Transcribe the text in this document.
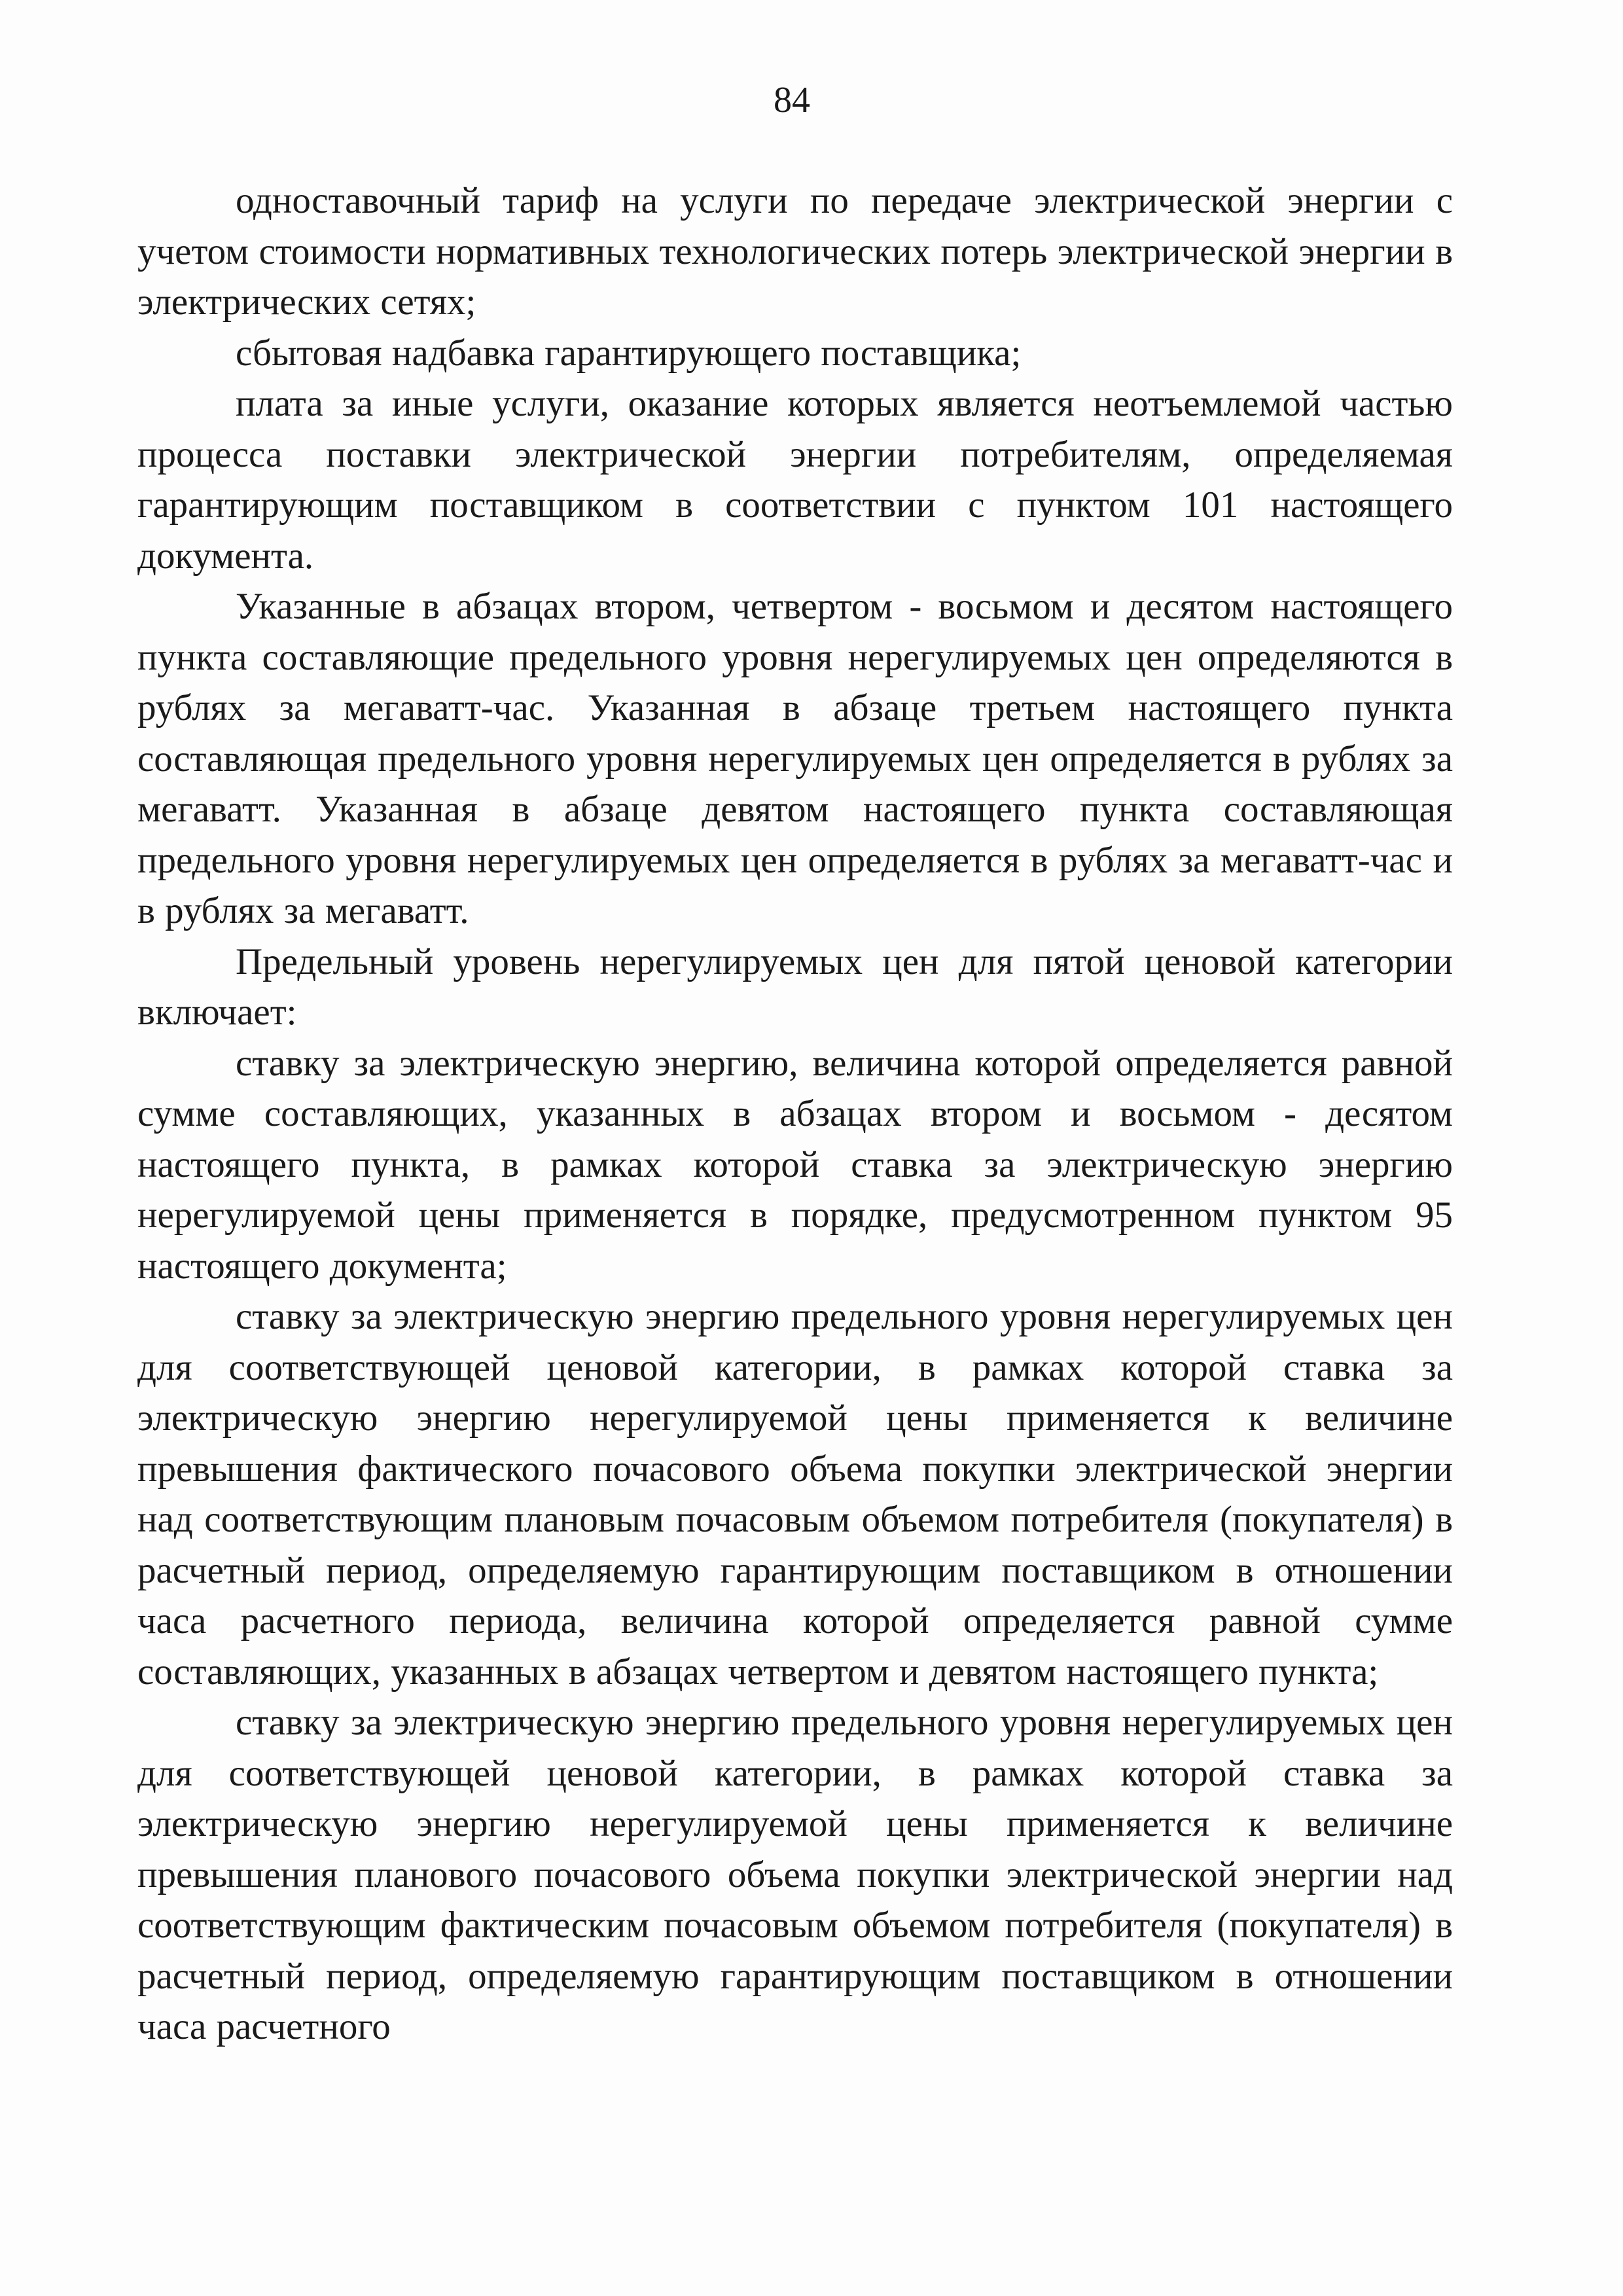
84

одноставочный тариф на услуги по передаче электрической энергии с учетом стоимости нормативных технологических потерь электрической энергии в электрических сетях;

сбытовая надбавка гарантирующего поставщика;

плата за иные услуги, оказание которых является неотъемлемой частью процесса поставки электрической энергии потребителям, определяемая гарантирующим поставщиком в соответствии с пунктом 101 настоящего документа.

Указанные в абзацах втором, четвертом - восьмом и десятом настоящего пункта составляющие предельного уровня нерегулируемых цен определяются в рублях за мегаватт-час. Указанная в абзаце третьем настоящего пункта составляющая предельного уровня нерегулируемых цен определяется в рублях за мегаватт. Указанная в абзаце девятом настоящего пункта составляющая предельного уровня нерегулируемых цен определяется в рублях за мегаватт-час и в рублях за мегаватт.

Предельный уровень нерегулируемых цен для пятой ценовой категории включает:

ставку за электрическую энергию, величина которой определяется равной сумме составляющих, указанных в абзацах втором и восьмом - десятом настоящего пункта, в рамках которой ставка за электрическую энергию нерегулируемой цены применяется в порядке, предусмотренном пунктом 95 настоящего документа;

ставку за электрическую энергию предельного уровня нерегулируемых цен для соответствующей ценовой категории, в рамках которой ставка за электрическую энергию нерегулируемой цены применяется к величине превышения фактического почасового объема покупки электрической энергии над соответствующим плановым почасовым объемом потребителя (покупателя) в расчетный период, определяемую гарантирующим поставщиком в отношении часа расчетного периода, величина которой определяется равной сумме составляющих, указанных в абзацах четвертом и девятом настоящего пункта;

ставку за электрическую энергию предельного уровня нерегулируемых цен для соответствующей ценовой категории, в рамках которой ставка за электрическую энергию нерегулируемой цены применяется к величине превышения планового почасового объема покупки электрической энергии над соответствующим фактическим почасовым объемом потребителя (покупателя) в расчетный период, определяемую гарантирующим поставщиком в отношении часа расчетного
